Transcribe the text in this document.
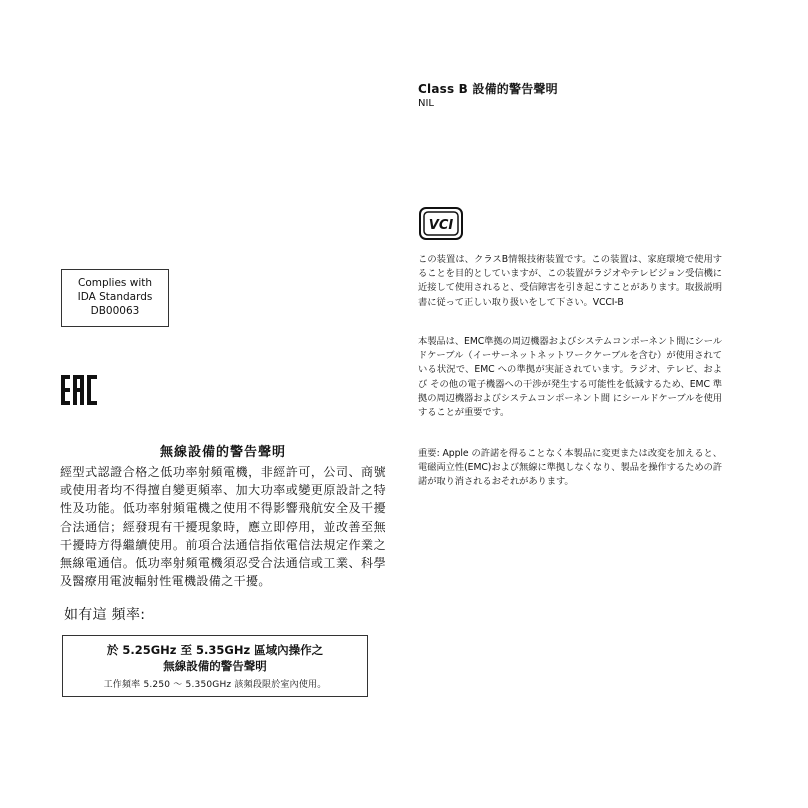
Class B 設備的警告聲明
NIL
VCI
この装置は、クラスB情報技術装置です。この装置は、家庭環境で使用することを目的としていますが、この装置がラジオやテレビジョン受信機に近接して使用されると、受信障害を引き起こすことがあります。取扱説明書に従って正しい取り扱いをして下さい。VCCI-B
本製品は、EMC準拠の周辺機器およびシステムコンポーネント間にシールドケーブル（イーサーネットネットワークケーブルを含む）が使用されている状況で、EMC への準拠が実証されています。ラジオ、テレビ、および その他の電子機器への干渉が発生する可能性を低減するため、EMC 準拠の周辺機器およびシステムコンポーネント間 にシールドケーブルを使用することが重要です。
重要: Apple の許諾を得ることなく本製品に変更または改変を加えると、電磁両立性(EMC)および無線に準拠しなくなり、製品を操作するための許諾が取り消されるおそれがあります。
Complies with
IDA Standards
DB00063
EAC
無線設備的警告聲明
經型式認證合格之低功率射頻電機，非經許可，公司、商號或使用者均不得擅自變更頻率、加大功率或變更原設計之特性及功能。低功率射頻電機之使用不得影響飛航安全及干擾合法通信；經發現有干擾現象時，應立即停用，並改善至無干擾時方得繼續使用。前項合法通信指依電信法規定作業之無線電通信。低功率射頻電機須忍受合法通信或工業、科學及醫療用電波輻射性電機設備之干擾。
如有這 頻率:
於 5.25GHz 至 5.35GHz 區域內操作之
無線設備的警告聲明
工作頻率 5.250 ～ 5.350GHz 該頻段限於室內使用。
